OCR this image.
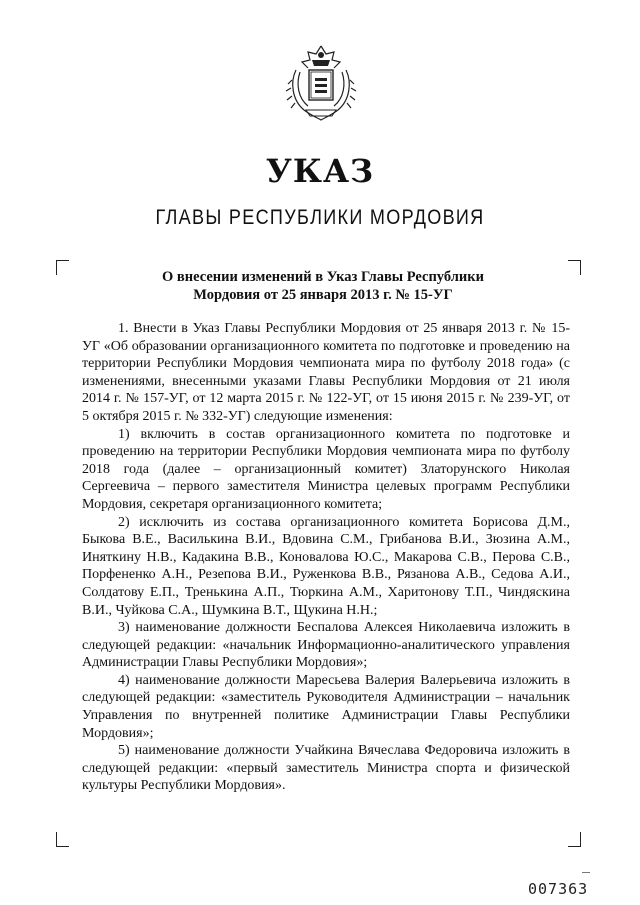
УКАЗ
ГЛАВЫ РЕСПУБЛИКИ МОРДОВИЯ
О внесении изменений в Указ Главы Республики
Мордовия от 25 января 2013 г. № 15-УГ

1. Внести в Указ Главы Республики Мордовия от 25 января 2013 г. № 15-УГ «Об образовании организационного комитета по подготовке и проведению на территории Республики Мордовия чемпионата мира по футболу 2018 года» (с изменениями, внесенными указами Главы Республики Мордовия от 21 июля 2014 г. № 157-УГ, от 12 марта 2015 г. № 122-УГ, от 15 июня 2015 г. № 239-УГ, от 5 октября 2015 г. № 332-УГ) следующие изменения:

1) включить в состав организационного комитета по подготовке и проведению на территории Республики Мордовия чемпионата мира по футболу 2018 года (далее – организационный комитет) Златорунского Николая Сергеевича – первого заместителя Министра целевых программ Республики Мордовия, секретаря организационного комитета;

2) исключить из состава организационного комитета Борисова Д.М., Быкова В.Е., Василькина В.И., Вдовина С.М., Грибанова В.И., Зюзина А.М., Иняткину Н.В., Кадакина В.В., Коновалова Ю.С., Макарова С.В., Перова С.В., Порфененко А.Н., Резепова В.И., Руженкова В.В., Рязанова А.В., Седова А.И., Солдатову Е.П., Тренькина А.П., Тюркина А.М., Харитонову Т.П., Чиндяскина В.И., Чуйкова С.А., Шумкина В.Т., Щукина Н.Н.;

3) наименование должности Беспалова Алексея Николаевича изложить в следующей редакции: «начальник Информационно-аналитического управления Администрации Главы Республики Мордовия»;

4) наименование должности Маресьева Валерия Валерьевича изложить в следующей редакции: «заместитель Руководителя Администрации – начальник Управления по внутренней политике Администрации Главы Республики Мордовия»;

5) наименование должности Учайкина Вячеслава Федоровича изложить в следующей редакции: «первый заместитель Министра спорта и физической культуры Республики Мордовия».

007363
